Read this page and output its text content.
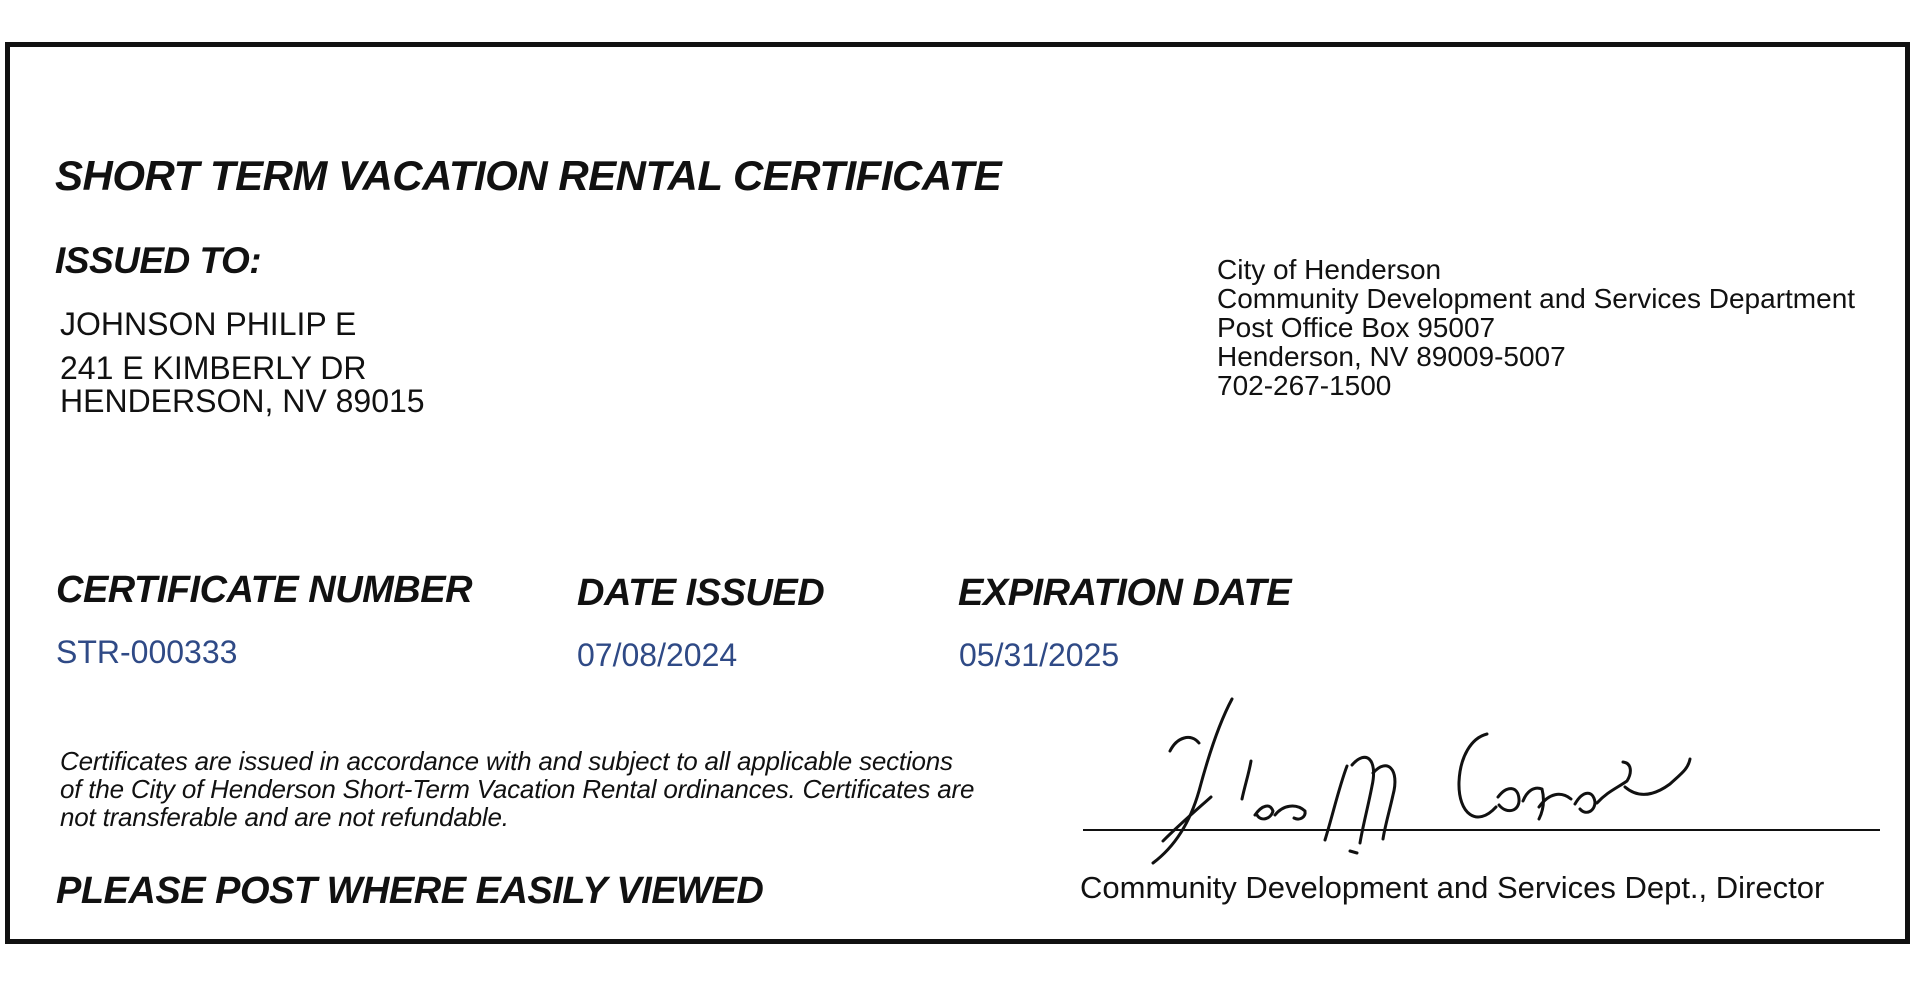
SHORT TERM VACATION RENTAL CERTIFICATE
ISSUED TO:
JOHNSON PHILIP E
241 E KIMBERLY DR
HENDERSON, NV 89015
City of Henderson
Community Development and Services Department
Post Office Box 95007
Henderson, NV 89009-5007
702-267-1500
CERTIFICATE NUMBER
STR-000333
DATE ISSUED
07/08/2024
EXPIRATION DATE
05/31/2025
Certificates are issued in accordance with and subject to all applicable sections of the City of Henderson Short-Term Vacation Rental ordinances. Certificates are not transferable and are not refundable.
PLEASE POST WHERE EASILY VIEWED	Community Development and Services Dept., Director
